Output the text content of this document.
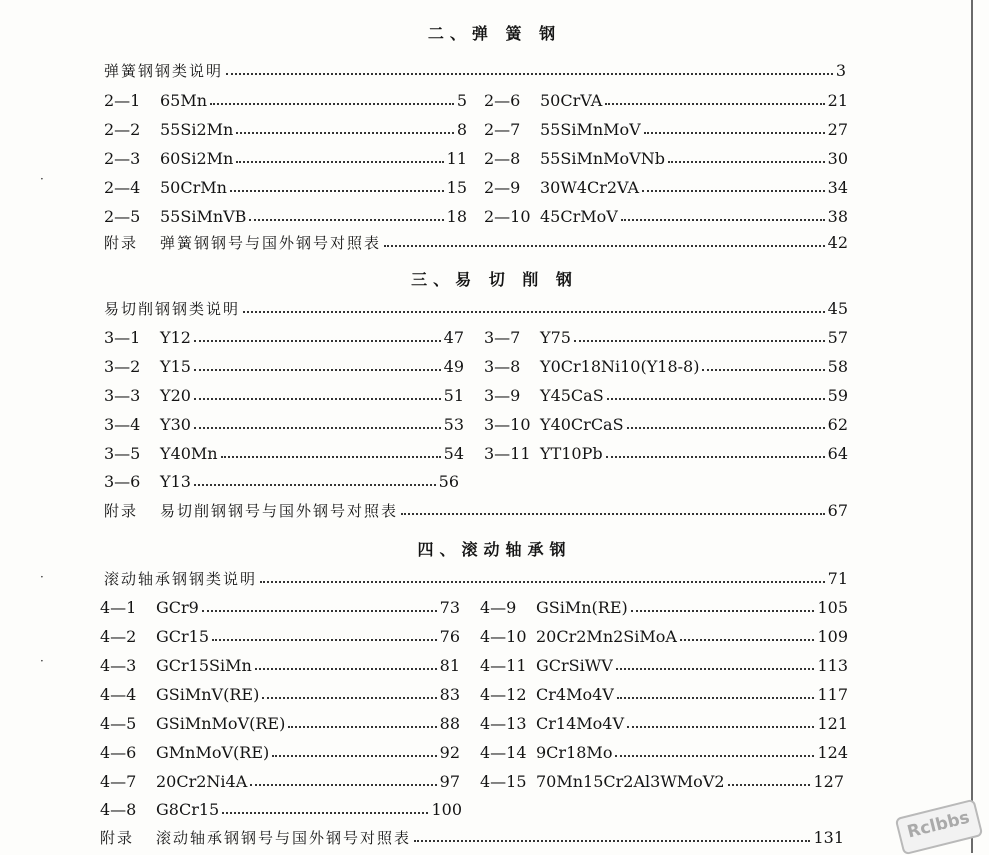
·
·
·
二、弹 簧 钢
弹簧钢钢类说明	3
2—1	65Mn	5 2—6	50CrVA	21
2—2	55Si2Mn	8 2—7	55SiMnMoV	27
2—3	60Si2Mn	11 2—8	55SiMnMoVNb	30
2—4	50CrMn	15 2—9	30W4Cr2VA	34
2—5	55SiMnVB	18 2—10 45CrMoV	38
附录	弹簧钢钢号与国外钢号对照表	42
三、易 切 削 钢
易切削钢钢类说明	45
3—1	Y12	47 3—7	Y75	57
3—2	Y15	49 3—8	Y0Cr18Ni10(Y18-8)	58
3—3	Y20	51 3—9	Y45CaS	59
3—4	Y30	53 3—10 Y40CrCaS	62
3—5	Y40Mn	54 3—11 YT10Pb	64
3—6	Y13	56
附录	易切削钢钢号与国外钢号对照表	67
四、滚动轴承钢
滚动轴承钢钢类说明	71
4—1	GCr9	73 4—9	GSiMn(RE)	105
4—2	GCr15	76 4—10 20Cr2Mn2SiMoA	109
4—3	GCr15SiMn	81 4—11 GCrSiWV	113
4—4	GSiMnV(RE)	83 4—12 Cr4Mo4V	117
4—5	GSiMnMoV(RE)	88 4—13 Cr14Mo4V	121
4—6	GMnMoV(RE)	92 4—14 9Cr18Mo	124
4—7	20Cr2Ni4A	97 4—15 70Mn15Cr2Al3WMoV2	127
4—8	G8Cr15	100
附录	滚动轴承钢钢号与国外钢号对照表	131	Rclbbs
